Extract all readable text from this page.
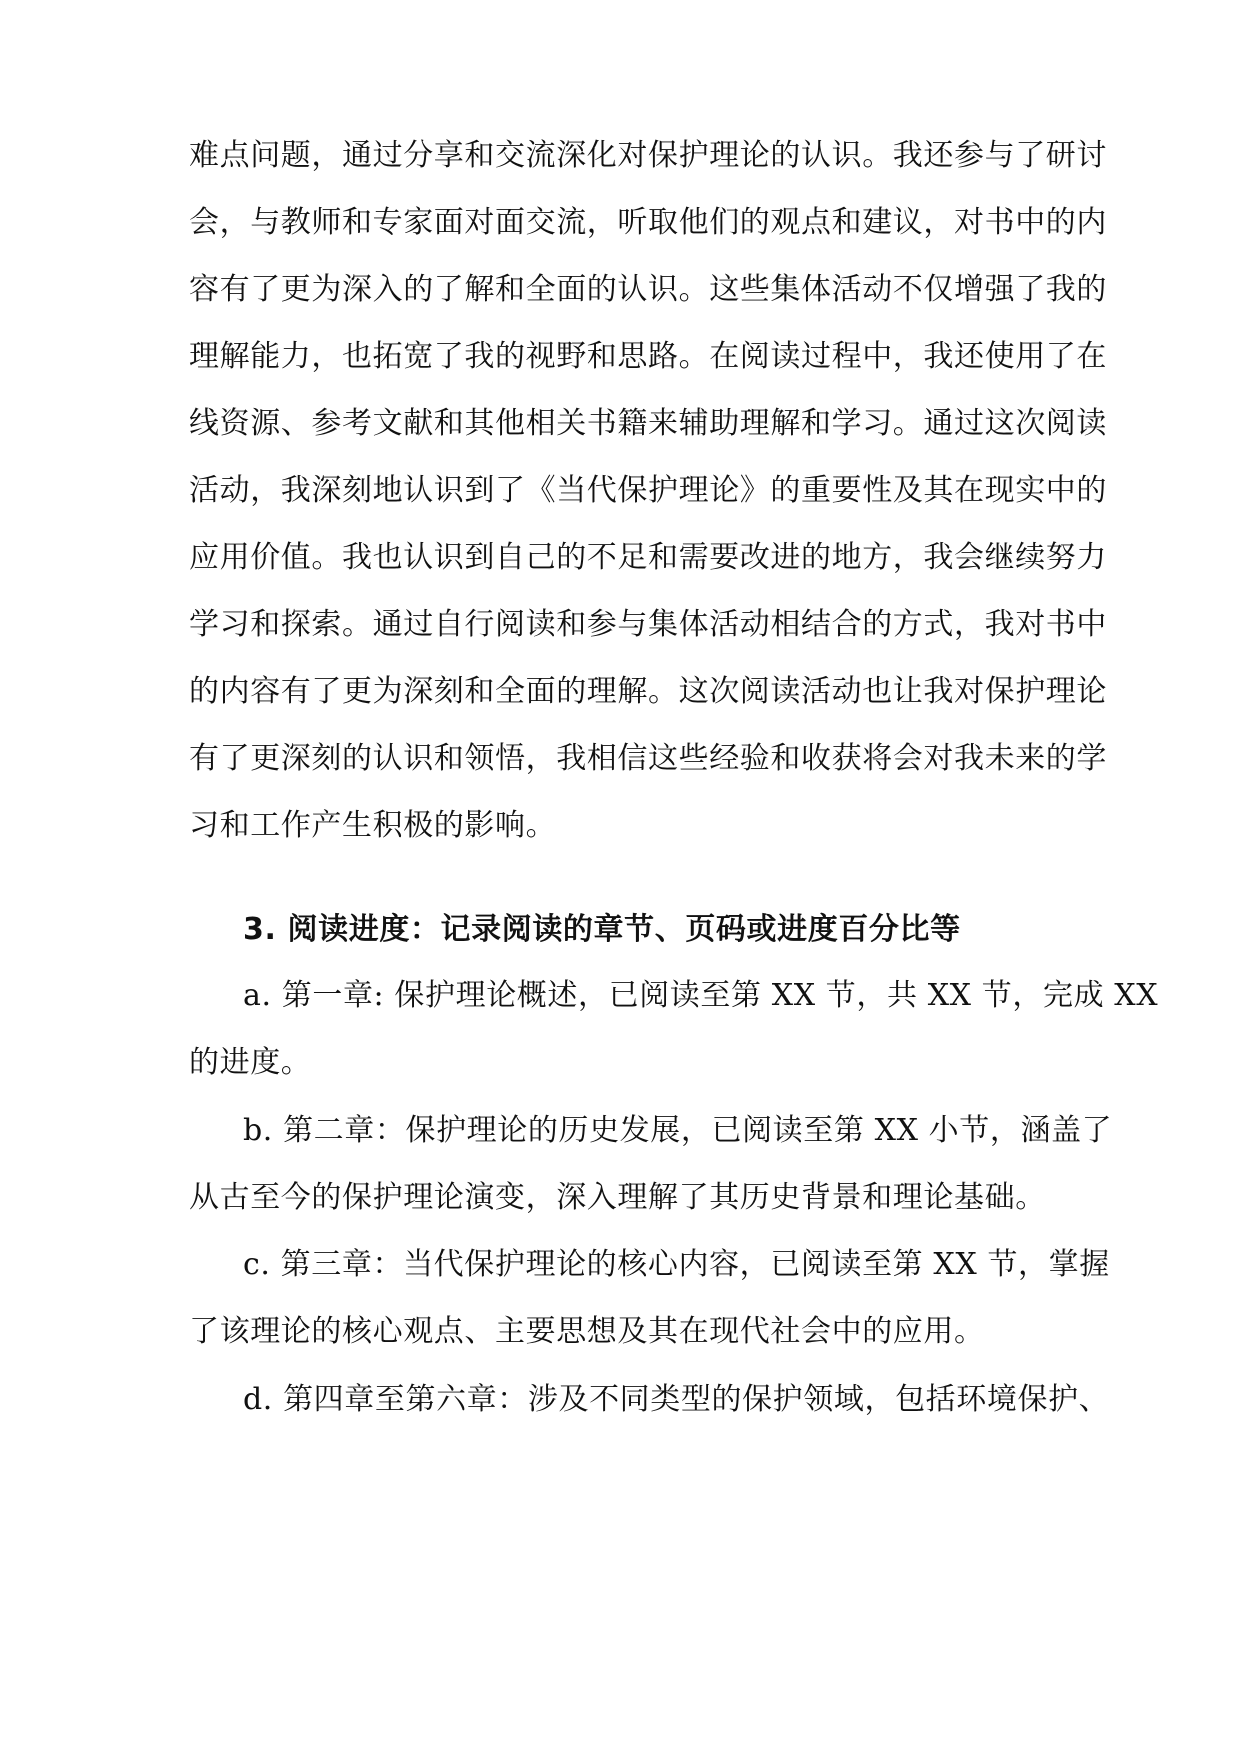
难点问题，通过分享和交流深化对保护理论的认识。我还参与了研讨
会，与教师和专家面对面交流，听取他们的观点和建议，对书中的内
容有了更为深入的了解和全面的认识。这些集体活动不仅增强了我的
理解能力，也拓宽了我的视野和思路。在阅读过程中，我还使用了在
线资源、参考文献和其他相关书籍来辅助理解和学习。通过这次阅读
活动，我深刻地认识到了《当代保护理论》的重要性及其在现实中的
应用价值。我也认识到自己的不足和需要改进的地方，我会继续努力
学习和探索。通过自行阅读和参与集体活动相结合的方式，我对书中
的内容有了更为深刻和全面的理解。这次阅读活动也让我对保护理论
有了更深刻的认识和领悟，我相信这些经验和收获将会对我未来的学
习和工作产生积极的影响。
3. 阅读进度：记录阅读的章节、页码或进度百分比等
a. 第一章: 保护理论概述，已阅读至第 XX 节，共 XX 节，完成 XX
的进度。
b. 第二章：保护理论的历史发展，已阅读至第 XX 小节，涵盖了
从古至今的保护理论演变，深入理解了其历史背景和理论基础。
c. 第三章：当代保护理论的核心内容，已阅读至第 XX 节，掌握
了该理论的核心观点、主要思想及其在现代社会中的应用。
d. 第四章至第六章：涉及不同类型的保护领域，包括环境保护、
